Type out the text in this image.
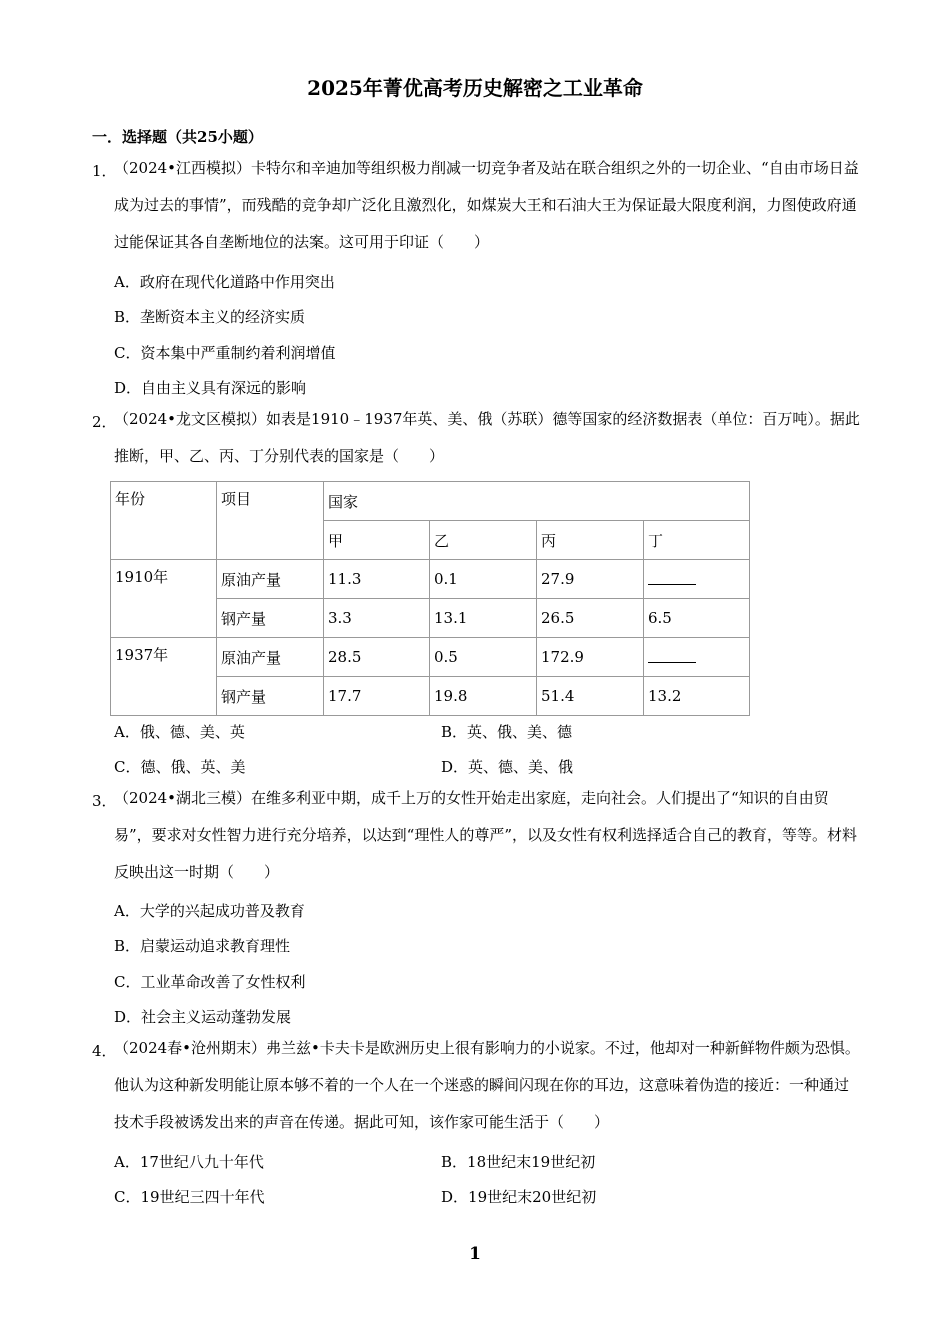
2025年菁优高考历史解密之工业革命
一．选择题（共25小题）
1．
（2024•江西模拟）卡特尔和辛迪加等组织极力削减一切竞争者及站在联合组织之外的一切企业、“自由市场日益成为过去的事情”，而残酷的竞争却广泛化且激烈化，如煤炭大王和石油大王为保证最大限度利润，力图使政府通过能保证其各自垄断地位的法案。这可用于印证（　　）
A．政府在现代化道路中作用突出
B．垄断资本主义的经济实质
C．资本集中严重制约着利润增值
D．自由主义具有深远的影响
2．
（2024•龙文区模拟）如表是1910﹣1937年英、美、俄（苏联）德等国家的经济数据表（单位：百万吨）。据此推断，甲、乙、丙、丁分别代表的国家是（　　）
年份	项目	国家			
		甲	乙	丙	丁
1910年	原油产量	11.3	0.1	27.9	
	钢产量	3.3	13.1	26.5	6.5
1937年	原油产量	28.5	0.5	172.9	
	钢产量	17.7	19.8	51.4	13.2
A．俄、德、美、英	B．英、俄、美、德
C．德、俄、英、美	D．英、德、美、俄
3．
（2024•湖北三模）在维多利亚中期，成千上万的女性开始走出家庭，走向社会。人们提出了“知识的自由贸易”，要求对女性智力进行充分培养，以达到“理性人的尊严”，以及女性有权利选择适合自己的教育，等等。材料反映出这一时期（　　）
A．大学的兴起成功普及教育
B．启蒙运动追求教育理性
C．工业革命改善了女性权利
D．社会主义运动蓬勃发展
4．
（2024春•沧州期末）弗兰兹•卡夫卡是欧洲历史上很有影响力的小说家。不过，他却对一种新鲜物件颇为恐惧。他认为这种新发明能让原本够不着的一个人在一个迷惑的瞬间闪现在你的耳边，这意味着伪造的接近：一种通过技术手段被诱发出来的声音在传递。据此可知，该作家可能生活于（　　）
A．17世纪八九十年代	B．18世纪末19世纪初
C．19世纪三四十年代	D．19世纪末20世纪初
1
